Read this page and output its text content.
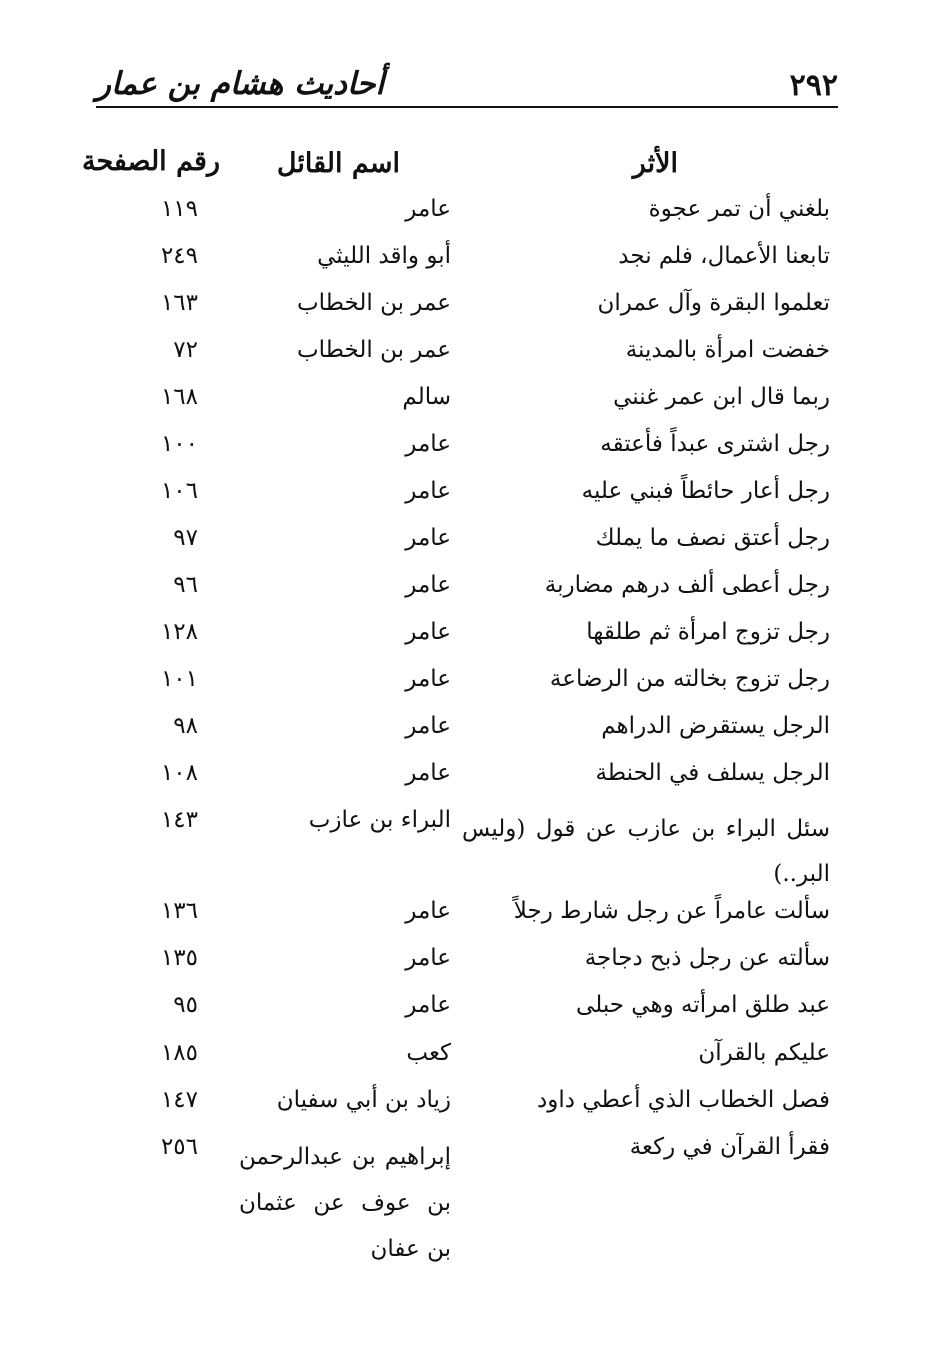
٢٩٢
أحاديث هشام بن عمار
الأثر
اسم القائل
رقم الصفحة
بلغني أن تمر عجوة
عامر
١١٩
تابعنا الأعمال، فلم نجد
أبو واقد الليثي
٢٤٩
تعلموا البقرة وآل عمران
عمر بن الخطاب
١٦٣
خفضت امرأة بالمدينة
عمر بن الخطاب
٧٢
ربما قال ابن عمر غنني
سالم
١٦٨
رجل اشترى عبداً فأعتقه
عامر
١٠٠
رجل أعار حائطاً فبني عليه
عامر
١٠٦
رجل أعتق نصف ما يملك
عامر
٩٧
رجل أعطى ألف درهم مضاربة
عامر
٩٦
رجل تزوج امرأة ثم طلقها
عامر
١٢٨
رجل تزوج بخالته من الرضاعة
عامر
١٠١
الرجل يستقرض الدراهم
عامر
٩٨
الرجل يسلف في الحنطة
عامر
١٠٨
سئل البراء بن عازب عن قول (وليس البر..)
البراء بن عازب
١٤٣
سألت عامراً عن رجل شارط رجلاً
عامر
١٣٦
سألته عن رجل ذبح دجاجة
عامر
١٣٥
عبد طلق امرأته وهي حبلى
عامر
٩٥
عليكم بالقرآن
كعب
١٨٥
فصل الخطاب الذي أعطي داود
زياد بن أبي سفيان
١٤٧
فقرأ القرآن في ركعة
إبراهيم بن عبدالرحمن بن عوف عن عثمان بن عفان
٢٥٦
